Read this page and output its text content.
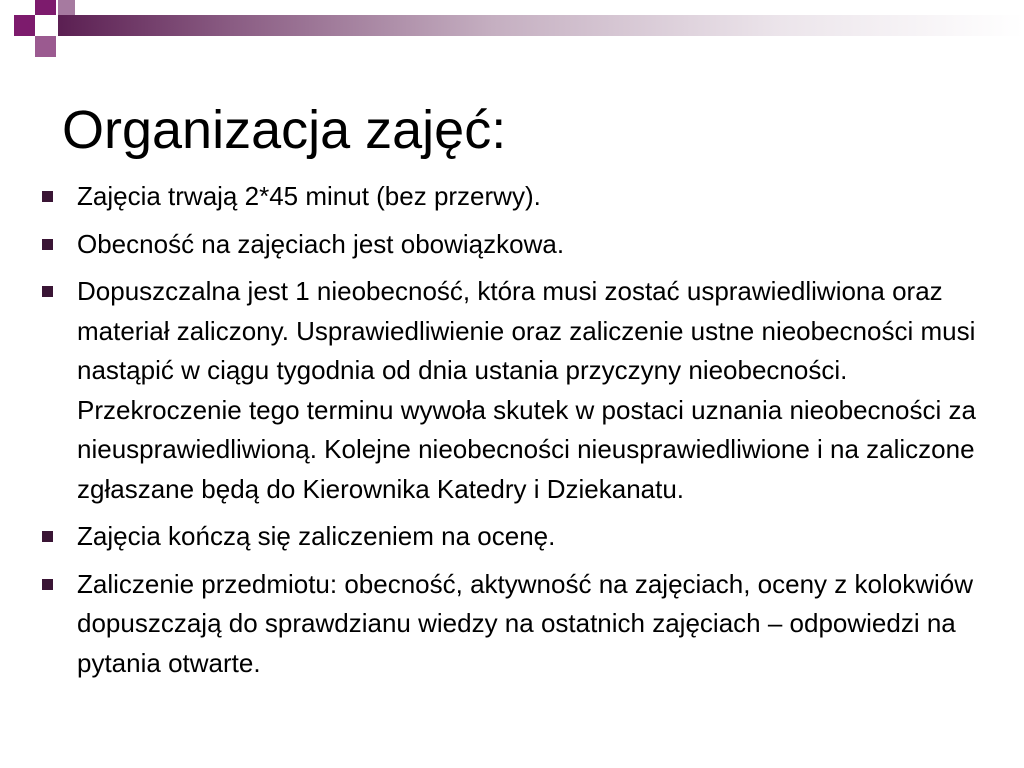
Organizacja zajęć:
Zajęcia trwają 2*45 minut (bez przerwy).
Obecność na zajęciach jest obowiązkowa.
Dopuszczalna jest 1 nieobecność, która musi zostać usprawiedliwiona oraz materiał zaliczony. Usprawiedliwienie oraz zaliczenie ustne nieobecności musi nastąpić w ciągu tygodnia od dnia ustania przyczyny nieobecności. Przekroczenie tego terminu wywoła skutek w postaci uznania nieobecności za nieusprawiedliwioną. Kolejne nieobecności nieusprawiedliwione i na zaliczone zgłaszane będą do Kierownika Katedry i Dziekanatu.
Zajęcia kończą się zaliczeniem na ocenę.
Zaliczenie przedmiotu: obecność, aktywność na zajęciach, oceny z kolokwiów dopuszczają do sprawdzianu wiedzy na ostatnich zajęciach – odpowiedzi na pytania otwarte.
